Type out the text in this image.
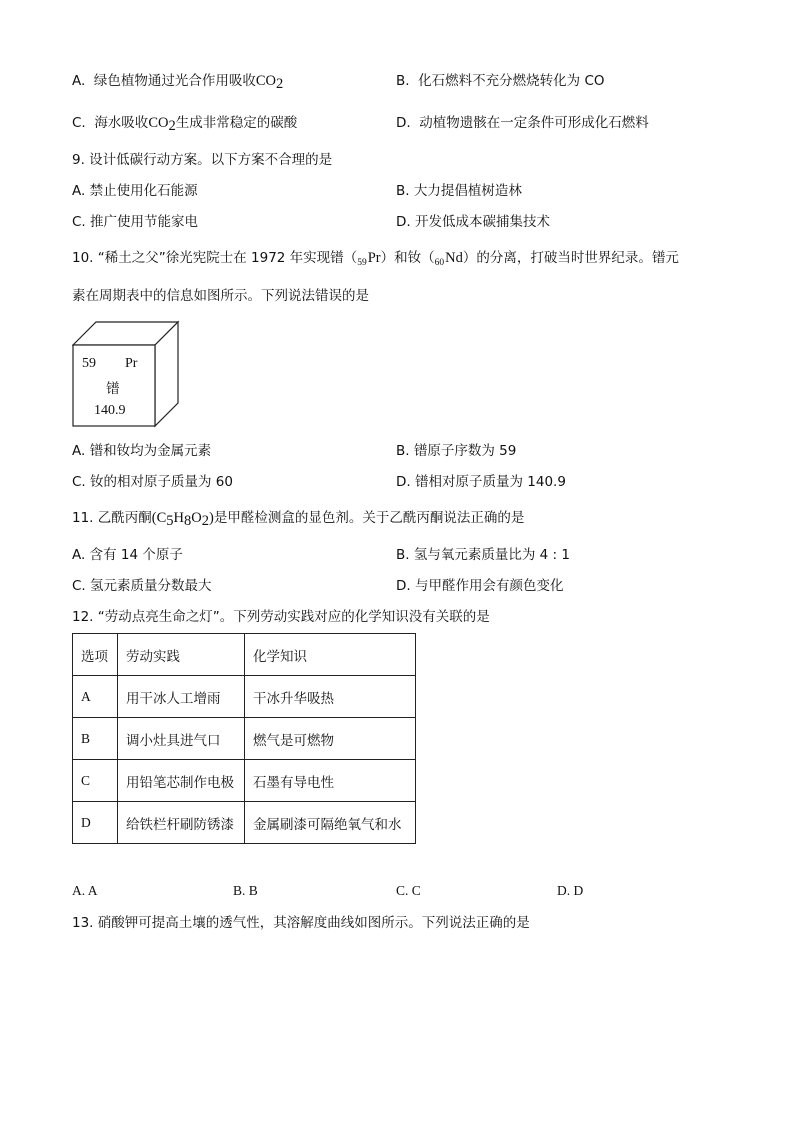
A. 绿色植物通过光合作用吸收$CO_2$	B. 化石燃料不充分燃烧转化为 CO
C. 海水吸收$CO_2$生成非常稳定的碳酸	D. 动植物遗骸在一定条件可形成化石燃料
9. 设计低碳行动方案。以下方案不合理的是
A. 禁止使用化石能源	B. 大力提倡植树造林
C. 推广使用节能家电	D. 开发低成本碳捕集技术
10. “稀土之父”徐光宪院士在 1972 年实现镨$(_{59}Pr)$和钕$(_{60}Nd)$的分离，打破当时世界纪录。镨元
素在周期表中的信息如图所示。下列说法错误的是
59 Pr
镨
140.9
A. 镨和钕均为金属元素	B. 镨原子序数为 59
C. 钕的相对原子质量为 60	D. 镨相对原子质量为 140.9
11. 乙酰丙酮$(C_5H_8O_2)$是甲醛检测盒的显色剂。关于乙酰丙酮说法正确的是
A. 含有 14 个原子	B. 氢与氧元素质量比为 4 : 1
C. 氢元素质量分数最大	D. 与甲醛作用会有颜色变化
12. “劳动点亮生命之灯”。下列劳动实践对应的化学知识没有关联的是
选项	劳动实践	化学知识
A	用干冰人工增雨	干冰升华吸热
B	调小灶具进气口	燃气是可燃物
C	用铅笔芯制作电极	石墨有导电性
D	给铁栏杆刷防锈漆	金属刷漆可隔绝氧气和水
A. A	B. B	C. C	D. D
13. 硝酸钾可提高土壤的透气性，其溶解度曲线如图所示。下列说法正确的是
